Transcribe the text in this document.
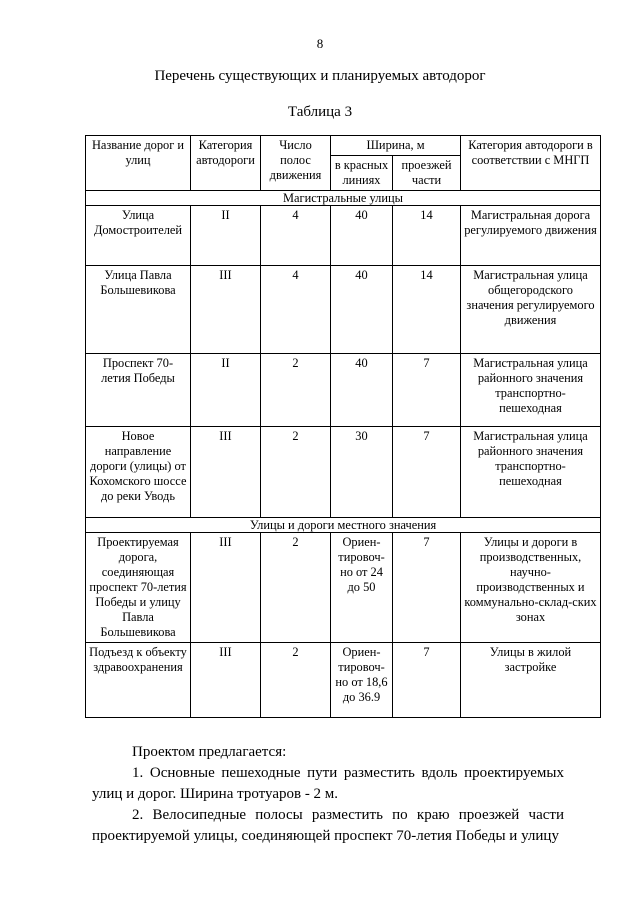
8
Перечень существующих и планируемых автодорог
Таблица 3
Название дорог и улиц	Категория автодороги	Число полос движения	Ширина, м		Категория автодороги в соответствии с МНГП
			в красных линиях	проезжей части	
Магистральные улицы					
Улица Домостроителей	II	4	40	14	Магистральная дорога регулируемого движения
Улица Павла Большевикова	III	4	40	14	Магистральная улица общегородского значения регулируемого движения
Проспект 70-летия Победы	II	2	40	7	Магистральная улица районного значения транспортно-пешеходная
Новое направление дороги (улицы) от Кохомского шоссе до реки Уводь	III	2	30	7	Магистральная улица районного значения транспортно-пешеходная
Улицы и дороги местного значения					
Проектируемая дорога, соединяющая проспект 70-летия Победы и улицу Павла Большевикова	III	2	Ориен-тировоч-но от 24 до 50	7	Улицы и дороги в производственных, научно-производственных и коммунально-склад-ских зонах
Подъезд к объекту здравоохранения	III	2	Ориен-тировоч-но от 18,6 до 36.9	7	Улицы в жилой застройке
Проектом предлагается:
1. Основные пешеходные пути разместить вдоль проектируемых улиц и дорог. Ширина тротуаров - 2 м.
2. Велосипедные полосы разместить по краю проезжей части проектируемой улицы, соединяющей проспект 70-летия Победы и улицу
